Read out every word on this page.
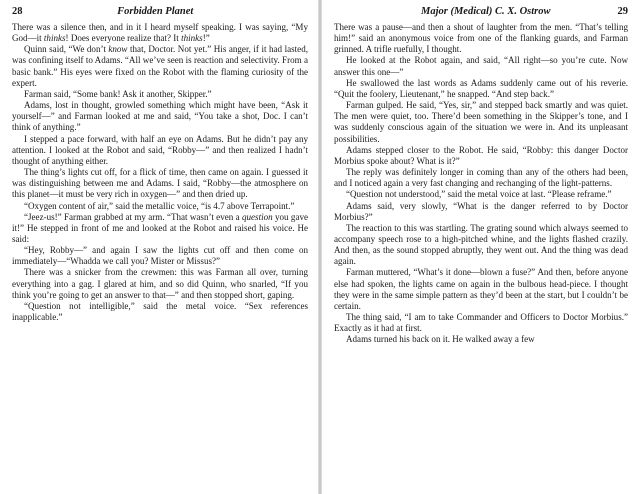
28	Forbidden Planet

There was a silence then, and in it I heard myself speaking. I was saying, “My God—it thinks! Does everyone realize that? It thinks!”

Quinn said, “We don’t know that, Doctor. Not yet.” His anger, if it had lasted, was confining itself to Adams. “All we’ve seen is reaction and selectivity. From a basic bank.” His eyes were fixed on the Robot with the flaming curiosity of the expert.

Farman said, “Some bank! Ask it another, Skipper.”

Adams, lost in thought, growled something which might have been, “Ask it yourself—” and Farman looked at me and said, “You take a shot, Doc. I can’t think of anything.”

I stepped a pace forward, with half an eye on Adams. But he didn’t pay any attention. I looked at the Robot and said, “Robby—” and then realized I hadn’t thought of anything either.

The thing’s lights cut off, for a flick of time, then came on again. I guessed it was distinguishing between me and Adams. I said, “Robby—the atmosphere on this planet—it must be very rich in oxygen—” and then dried up.

“Oxygen content of air,” said the metallic voice, “is 4.7 above Terrapoint.”

“Jeez-us!” Farman grabbed at my arm. “That wasn’t even a question you gave it!” He stepped in front of me and looked at the Robot and raised his voice. He said:

“Hey, Robby—” and again I saw the lights cut off and then come on immediately—“Whadda we call you? Mister or Missus?”

There was a snicker from the crewmen: this was Farman all over, turning everything into a gag. I glared at him, and so did Quinn, who snarled, “If you think you’re going to get an answer to that—” and then stopped short, gaping.

“Question not intelligible,” said the metal voice. “Sex references inapplicable.”

Major (Medical) C. X. Ostrow	29

There was a pause—and then a shout of laughter from the men. “That’s telling him!” said an anonymous voice from one of the flanking guards, and Farman grinned. A trifle ruefully, I thought.

He looked at the Robot again, and said, “All right—so you’re cute. Now answer this one—”

He swallowed the last words as Adams suddenly came out of his reverie. “Quit the foolery, Lieutenant,” he snapped. “And step back.”

Farman gulped. He said, “Yes, sir,” and stepped back smartly and was quiet. The men were quiet, too. There’d been something in the Skipper’s tone, and I was suddenly conscious again of the situation we were in. And its unpleasant possibilities.

Adams stepped closer to the Robot. He said, “Robby: this danger Doctor Morbius spoke about? What is it?”

The reply was definitely longer in coming than any of the others had been, and I noticed again a very fast changing and rechanging of the light-patterns.

“Question not understood,” said the metal voice at last. “Please reframe.”

Adams said, very slowly, “What is the danger referred to by Doctor Morbius?”

The reaction to this was startling. The grating sound which always seemed to accompany speech rose to a high-pitched whine, and the lights flashed crazily. And then, as the sound stopped abruptly, they went out. And the thing was dead again.

Farman muttered, “What’s it done—blown a fuse?” And then, before anyone else had spoken, the lights came on again in the bulbous head-piece. I thought they were in the same simple pattern as they’d been at the start, but I couldn’t be certain.

The thing said, “I am to take Commander and Officers to Doctor Morbius.” Exactly as it had at first.

Adams turned his back on it. He walked away a few
